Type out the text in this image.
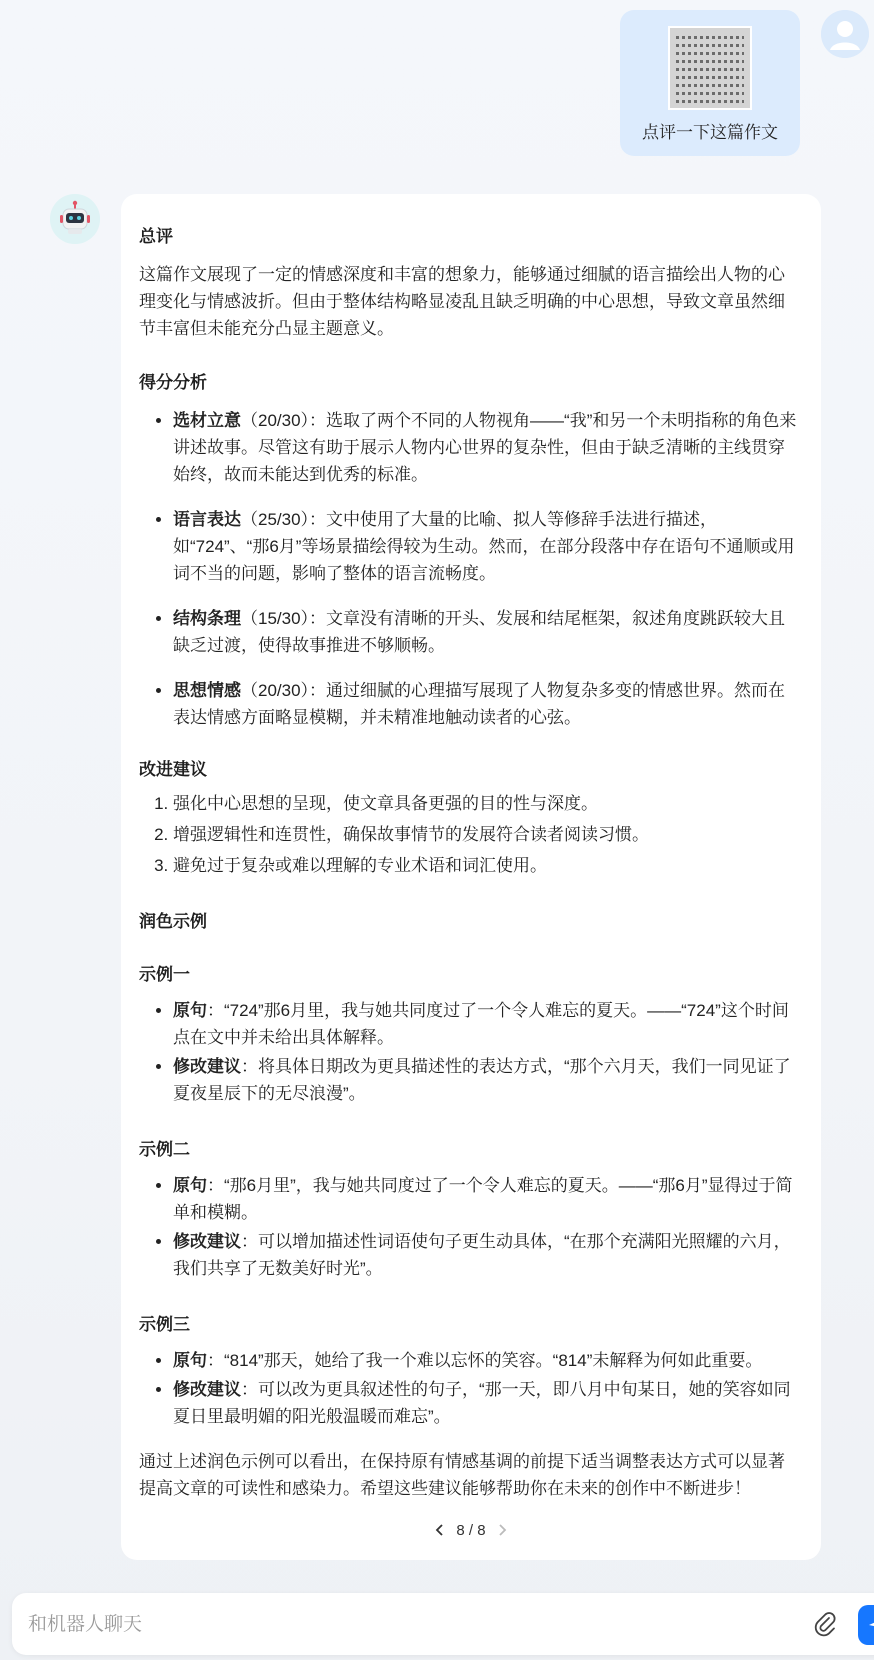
点评一下这篇作文

总评

这篇作文展现了一定的情感深度和丰富的想象力，能够通过细腻的语言描绘出人物的心理变化与情感波折。但由于整体结构略显凌乱且缺乏明确的中心思想，导致文章虽然细节丰富但未能充分凸显主题意义。

得分分析

• 选材立意（20/30）：选取了两个不同的人物视角——“我”和另一个未明指称的角色来讲述故事。尽管这有助于展示人物内心世界的复杂性，但由于缺乏清晰的主线贯穿始终，故而未能达到优秀的标准。
• 语言表达（25/30）：文中使用了大量的比喻、拟人等修辞手法进行描述，如“724”、“那6月”等场景描绘得较为生动。然而，在部分段落中存在语句不通顺或用词不当的问题，影响了整体的语言流畅度。
• 结构条理（15/30）：文章没有清晰的开头、发展和结尾框架，叙述角度跳跃较大且缺乏过渡，使得故事推进不够顺畅。
• 思想情感（20/30）：通过细腻的心理描写展现了人物复杂多变的情感世界。然而在表达情感方面略显模糊，并未精准地触动读者的心弦。

改进建议

1. 强化中心思想的呈现，使文章具备更强的目的性与深度。
2. 增强逻辑性和连贯性，确保故事情节的发展符合读者阅读习惯。
3. 避免过于复杂或难以理解的专业术语和词汇使用。

润色示例

示例一

• 原句：“724”那6月里，我与她共同度过了一个令人难忘的夏天。——“724”这个时间点在文中并未给出具体解释。
• 修改建议：将具体日期改为更具描述性的表达方式，“那个六月天，我们一同见证了夏夜星辰下的无尽浪漫”。

示例二

• 原句：“那6月里”，我与她共同度过了一个令人难忘的夏天。——“那6月”显得过于简单和模糊。
• 修改建议：可以增加描述性词语使句子更生动具体，“在那个充满阳光照耀的六月，我们共享了无数美好时光”。

示例三

• 原句：“814”那天，她给了我一个难以忘怀的笑容。“814”未解释为何如此重要。
• 修改建议：可以改为更具叙述性的句子，“那一天，即八月中旬某日，她的笑容如同夏日里最明媚的阳光般温暖而难忘”。

通过上述润色示例可以看出，在保持原有情感基调的前提下适当调整表达方式可以显著提高文章的可读性和感染力。希望这些建议能够帮助你在未来的创作中不断进步！

8 / 8
和机器人聊天
